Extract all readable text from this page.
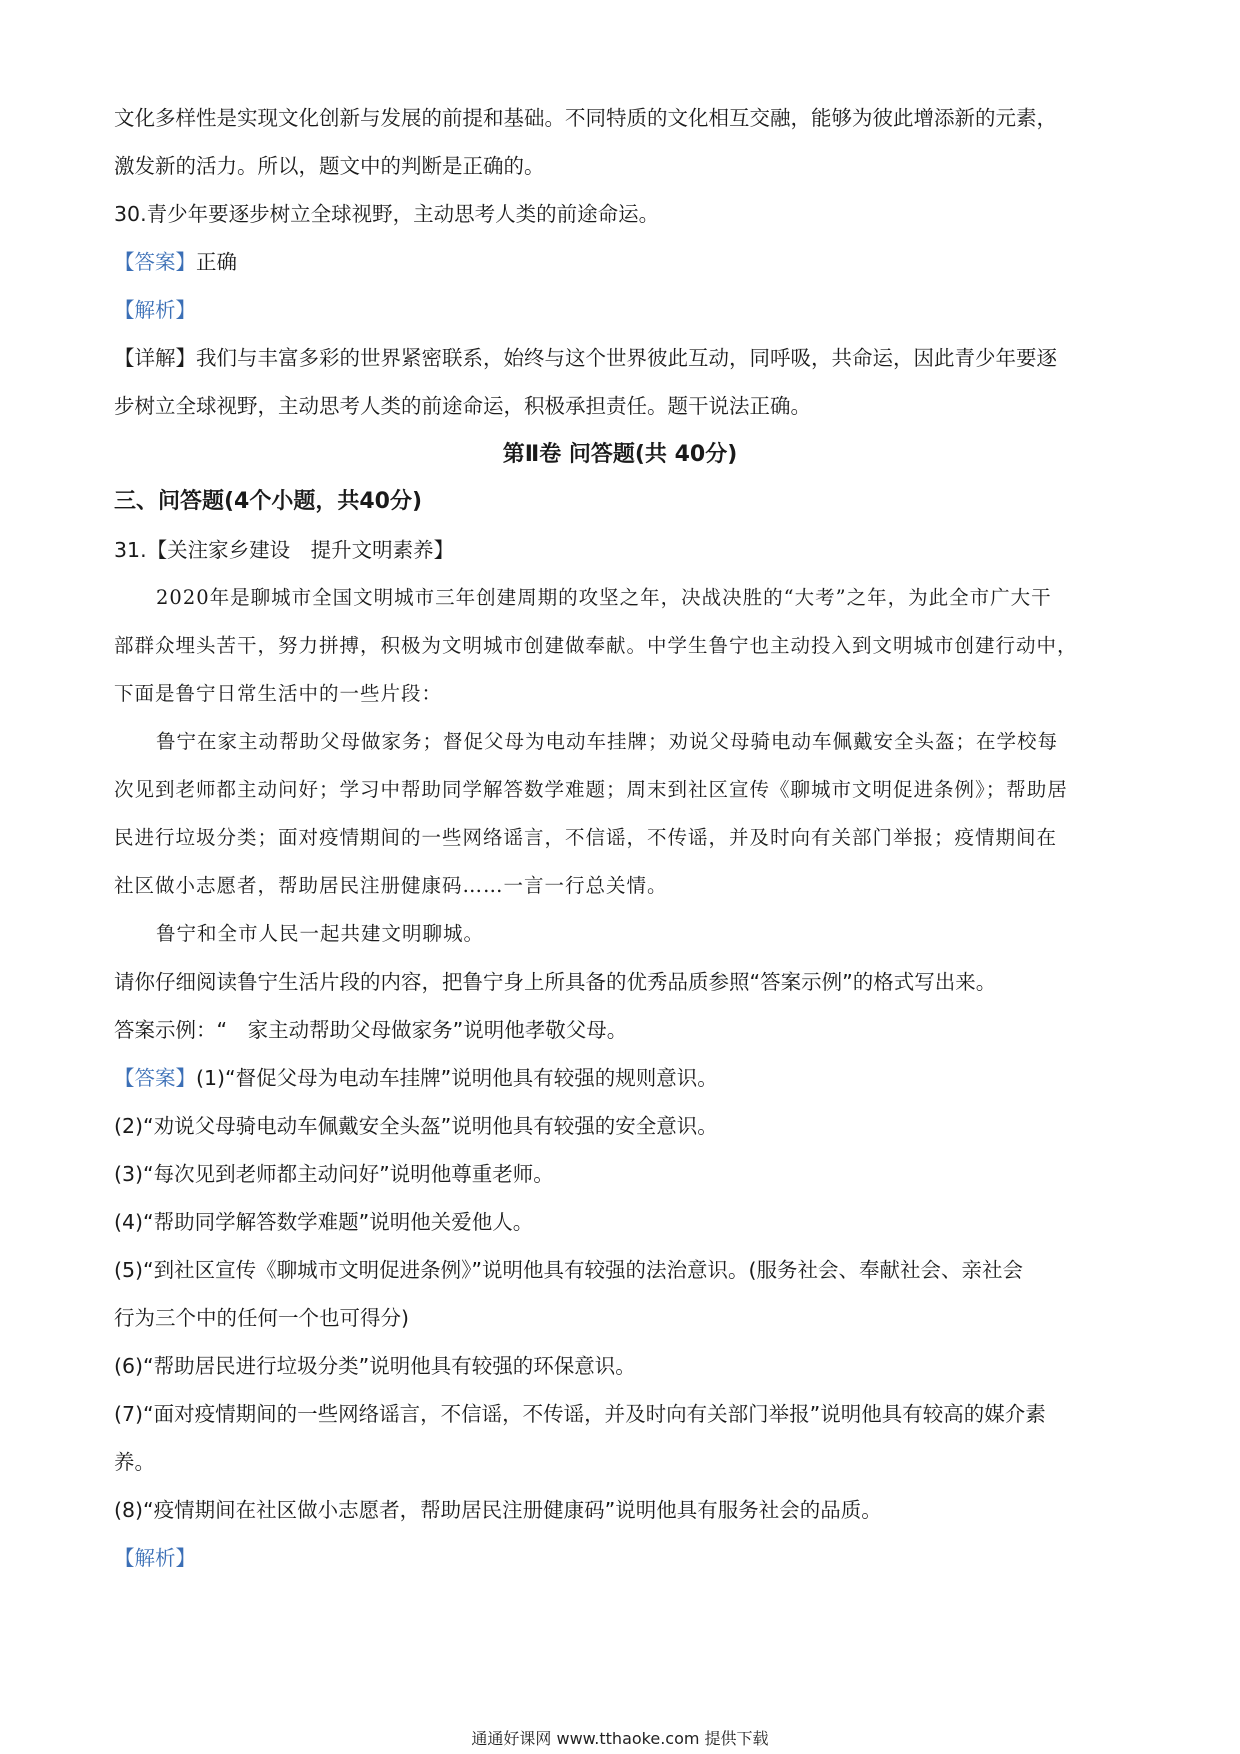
文化多样性是实现文化创新与发展的前提和基础。不同特质的文化相互交融，能够为彼此增添新的元素，
激发新的活力。所以，题文中的判断是正确的。
30.青少年要逐步树立全球视野，主动思考人类的前途命运。
【答案】正确
【解析】
【详解】我们与丰富多彩的世界紧密联系，始终与这个世界彼此互动，同呼吸，共命运，因此青少年要逐
步树立全球视野，主动思考人类的前途命运，积极承担责任。题干说法正确。
第Ⅱ卷 问答题(共 40分)
三、问答题(4个小题，共40分)
31.【关注家乡建设　提升文明素养】
2020年是聊城市全国文明城市三年创建周期的攻坚之年，决战决胜的“大考”之年，为此全市广大干
部群众埋头苦干，努力拼搏，积极为文明城市创建做奉献。中学生鲁宁也主动投入到文明城市创建行动中，
下面是鲁宁日常生活中的一些片段：
鲁宁在家主动帮助父母做家务；督促父母为电动车挂牌；劝说父母骑电动车佩戴安全头盔；在学校每
次见到老师都主动问好；学习中帮助同学解答数学难题；周末到社区宣传《聊城市文明促进条例》；帮助居
民进行垃圾分类；面对疫情期间的一些网络谣言，不信谣，不传谣，并及时向有关部门举报；疫情期间在
社区做小志愿者，帮助居民注册健康码……一言一行总关情。
鲁宁和全市人民一起共建文明聊城。
请你仔细阅读鲁宁生活片段的内容，把鲁宁身上所具备的优秀品质参照“答案示例”的格式写出来。
答案示例：“　家主动帮助父母做家务”说明他孝敬父母。
【答案】(1)“督促父母为电动车挂牌”说明他具有较强的规则意识。
(2)“劝说父母骑电动车佩戴安全头盔”说明他具有较强的安全意识。
(3)“每次见到老师都主动问好”说明他尊重老师。
(4)“帮助同学解答数学难题”说明他关爱他人。
(5)“到社区宣传《聊城市文明促进条例》”说明他具有较强的法治意识。(服务社会、奉献社会、亲社会
行为三个中的任何一个也可得分)
(6)“帮助居民进行垃圾分类”说明他具有较强的环保意识。
(7)“面对疫情期间的一些网络谣言，不信谣，不传谣，并及时向有关部门举报”说明他具有较高的媒介素
养。
(8)“疫情期间在社区做小志愿者，帮助居民注册健康码”说明他具有服务社会的品质。
【解析】
通通好课网 www.tthaoke.com 提供下载
